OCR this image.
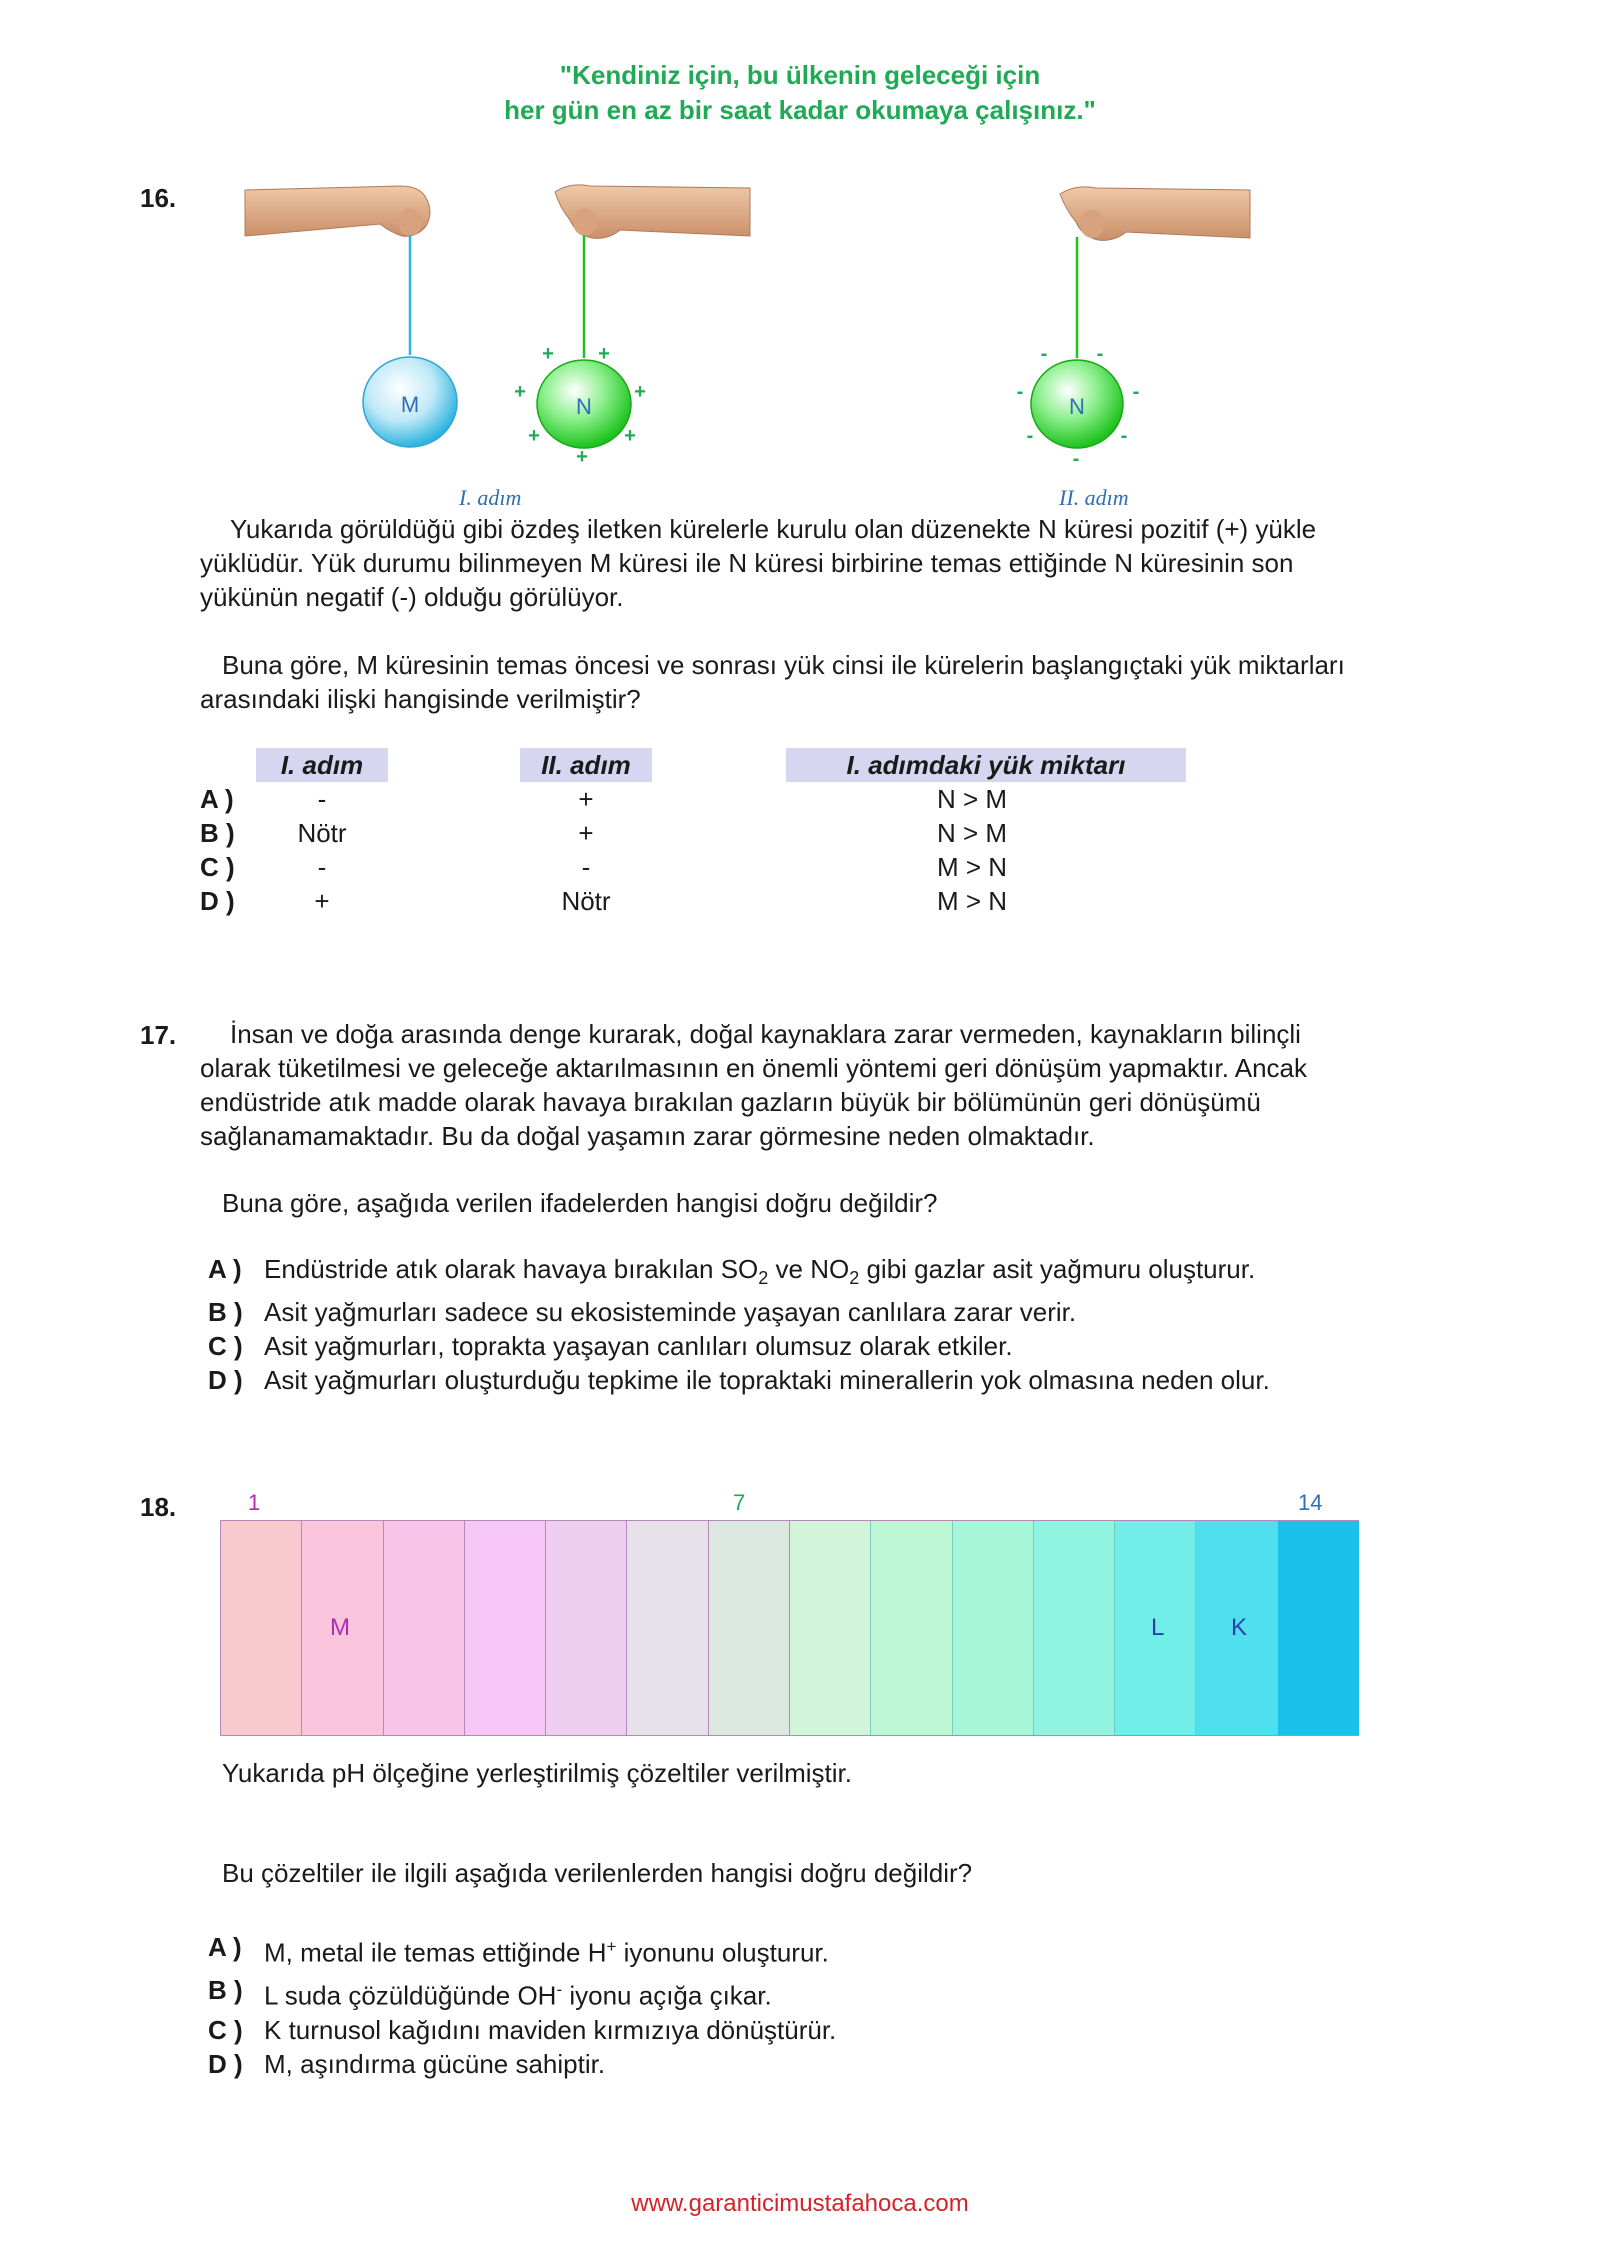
"Kendiniz için, bu ülkenin geleceği için
her gün en az bir saat kadar okumaya çalışınız."
16.
M	N	N
+ +
+	+
+	+
+
- -
-	-
-	-
-
I. adım	II. adım
Yukarıda görüldüğü gibi özdeş iletken kürelerle kurulu olan düzenekte N küresi pozitif (+) yükle
yüklüdür. Yük durumu bilinmeyen M küresi ile N küresi birbirine temas ettiğinde N küresinin son
yükünün negatif (-) olduğu görülüyor.
Buna göre, M küresinin temas öncesi ve sonrası yük cinsi ile kürelerin başlangıçtaki yük miktarları
arasındaki ilişki hangisinde verilmiştir?
I. adım	II. adım	I. adımdaki yük miktarı
A )	-	+	N > M
B )	Nötr	+	N > M
C )	-	-	M > N
D )	+	Nötr	M > N
17.	İnsan ve doğa arasında denge kurarak, doğal kaynaklara zarar vermeden, kaynakların bilinçli
olarak tüketilmesi ve geleceğe aktarılmasının en önemli yöntemi geri dönüşüm yapmaktır. Ancak
endüstride atık madde olarak havaya bırakılan gazların büyük bir bölümünün geri dönüşümü
sağlanamamaktadır. Bu da doğal yaşamın zarar görmesine neden olmaktadır.
Buna göre, aşağıda verilen ifadelerden hangisi doğru değildir?
A ) Endüstride atık olarak havaya bırakılan $SO_2$ ve $NO_2$ gibi gazlar asit yağmuru oluşturur.
B ) Asit yağmurları sadece su ekosisteminde yaşayan canlılara zarar verir.
C ) Asit yağmurları, toprakta yaşayan canlıları olumsuz olarak etkiler.
D ) Asit yağmurları oluşturduğu tepkime ile topraktaki minerallerin yok olmasına neden olur.
18.	1	7	14
M	L	K
Yukarıda pH ölçeğine yerleştirilmiş çözeltiler verilmiştir.
Bu çözeltiler ile ilgili aşağıda verilenlerden hangisi doğru değildir?
A ) M, metal ile temas ettiğinde H+ iyonunu oluşturur.
B ) L suda çözüldüğünde OH- iyonu açığa çıkar.
C ) K turnusol kağıdını maviden kırmızıya dönüştürür.
D ) M, aşındırma gücüne sahiptir.
www.garanticimustafahoca.com
